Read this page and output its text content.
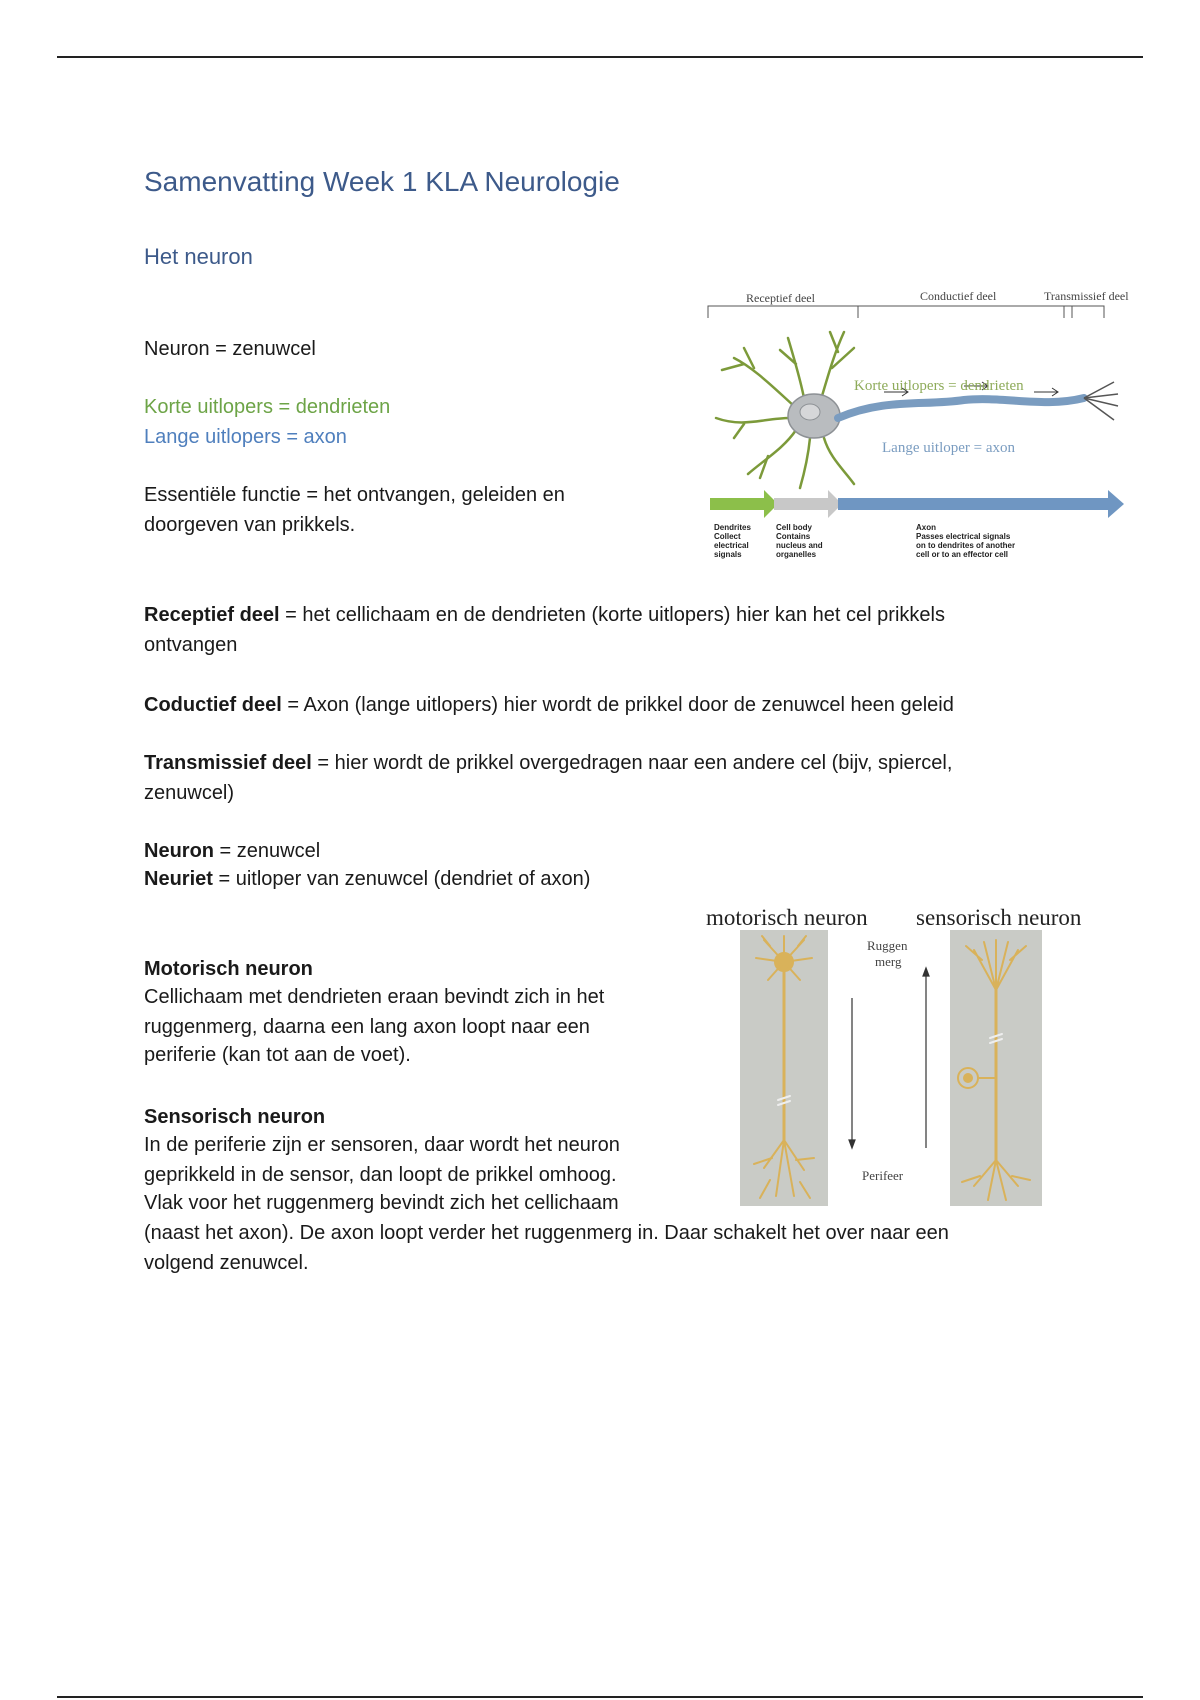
Samenvatting Week 1 KLA Neurologie
Het neuron

Neuron = zenuwcel

Korte uitlopers = dendrieten

Lange uitlopers = axon

Essentiële functie = het ontvangen, geleiden en

doorgeven van prikkels.

Receptief deel = het cellichaam en de dendrieten (korte uitlopers) hier kan het cel prikkels

ontvangen

Coductief deel = Axon (lange uitlopers) hier wordt de prikkel door de zenuwcel heen geleid

Transmissief deel = hier wordt de prikkel overgedragen naar een andere cel (bijv, spiercel,

zenuwcel)

Neuron = zenuwcel

Neuriet = uitloper van zenuwcel (dendriet of axon)

Motorisch neuron

Cellichaam met dendrieten eraan bevindt zich in het

ruggenmerg, daarna een lang axon loopt naar een

periferie (kan tot aan de voet).

Sensorisch neuron

In de periferie zijn er sensoren, daar wordt het neuron

geprikkeld in de sensor, dan loopt de prikkel omhoog.

Vlak voor het ruggenmerg bevindt zich het cellichaam

(naast het axon). De axon loopt verder het ruggenmerg in. Daar schakelt het over naar een

volgend zenuwcel.

Receptief deel	Conductief deel	Transmissief deel
Korte uitlopers = dendrieten
Lange uitloper = axon
Dendrites
Collect
electrical
signals
Cell body
Contains
nucleus and
organelles
Axon
Passes electrical signals
on to dendrites of another
cell or to an effector cell
motorisch neuron sensorisch neuron
Ruggen
merg
Perifeer
